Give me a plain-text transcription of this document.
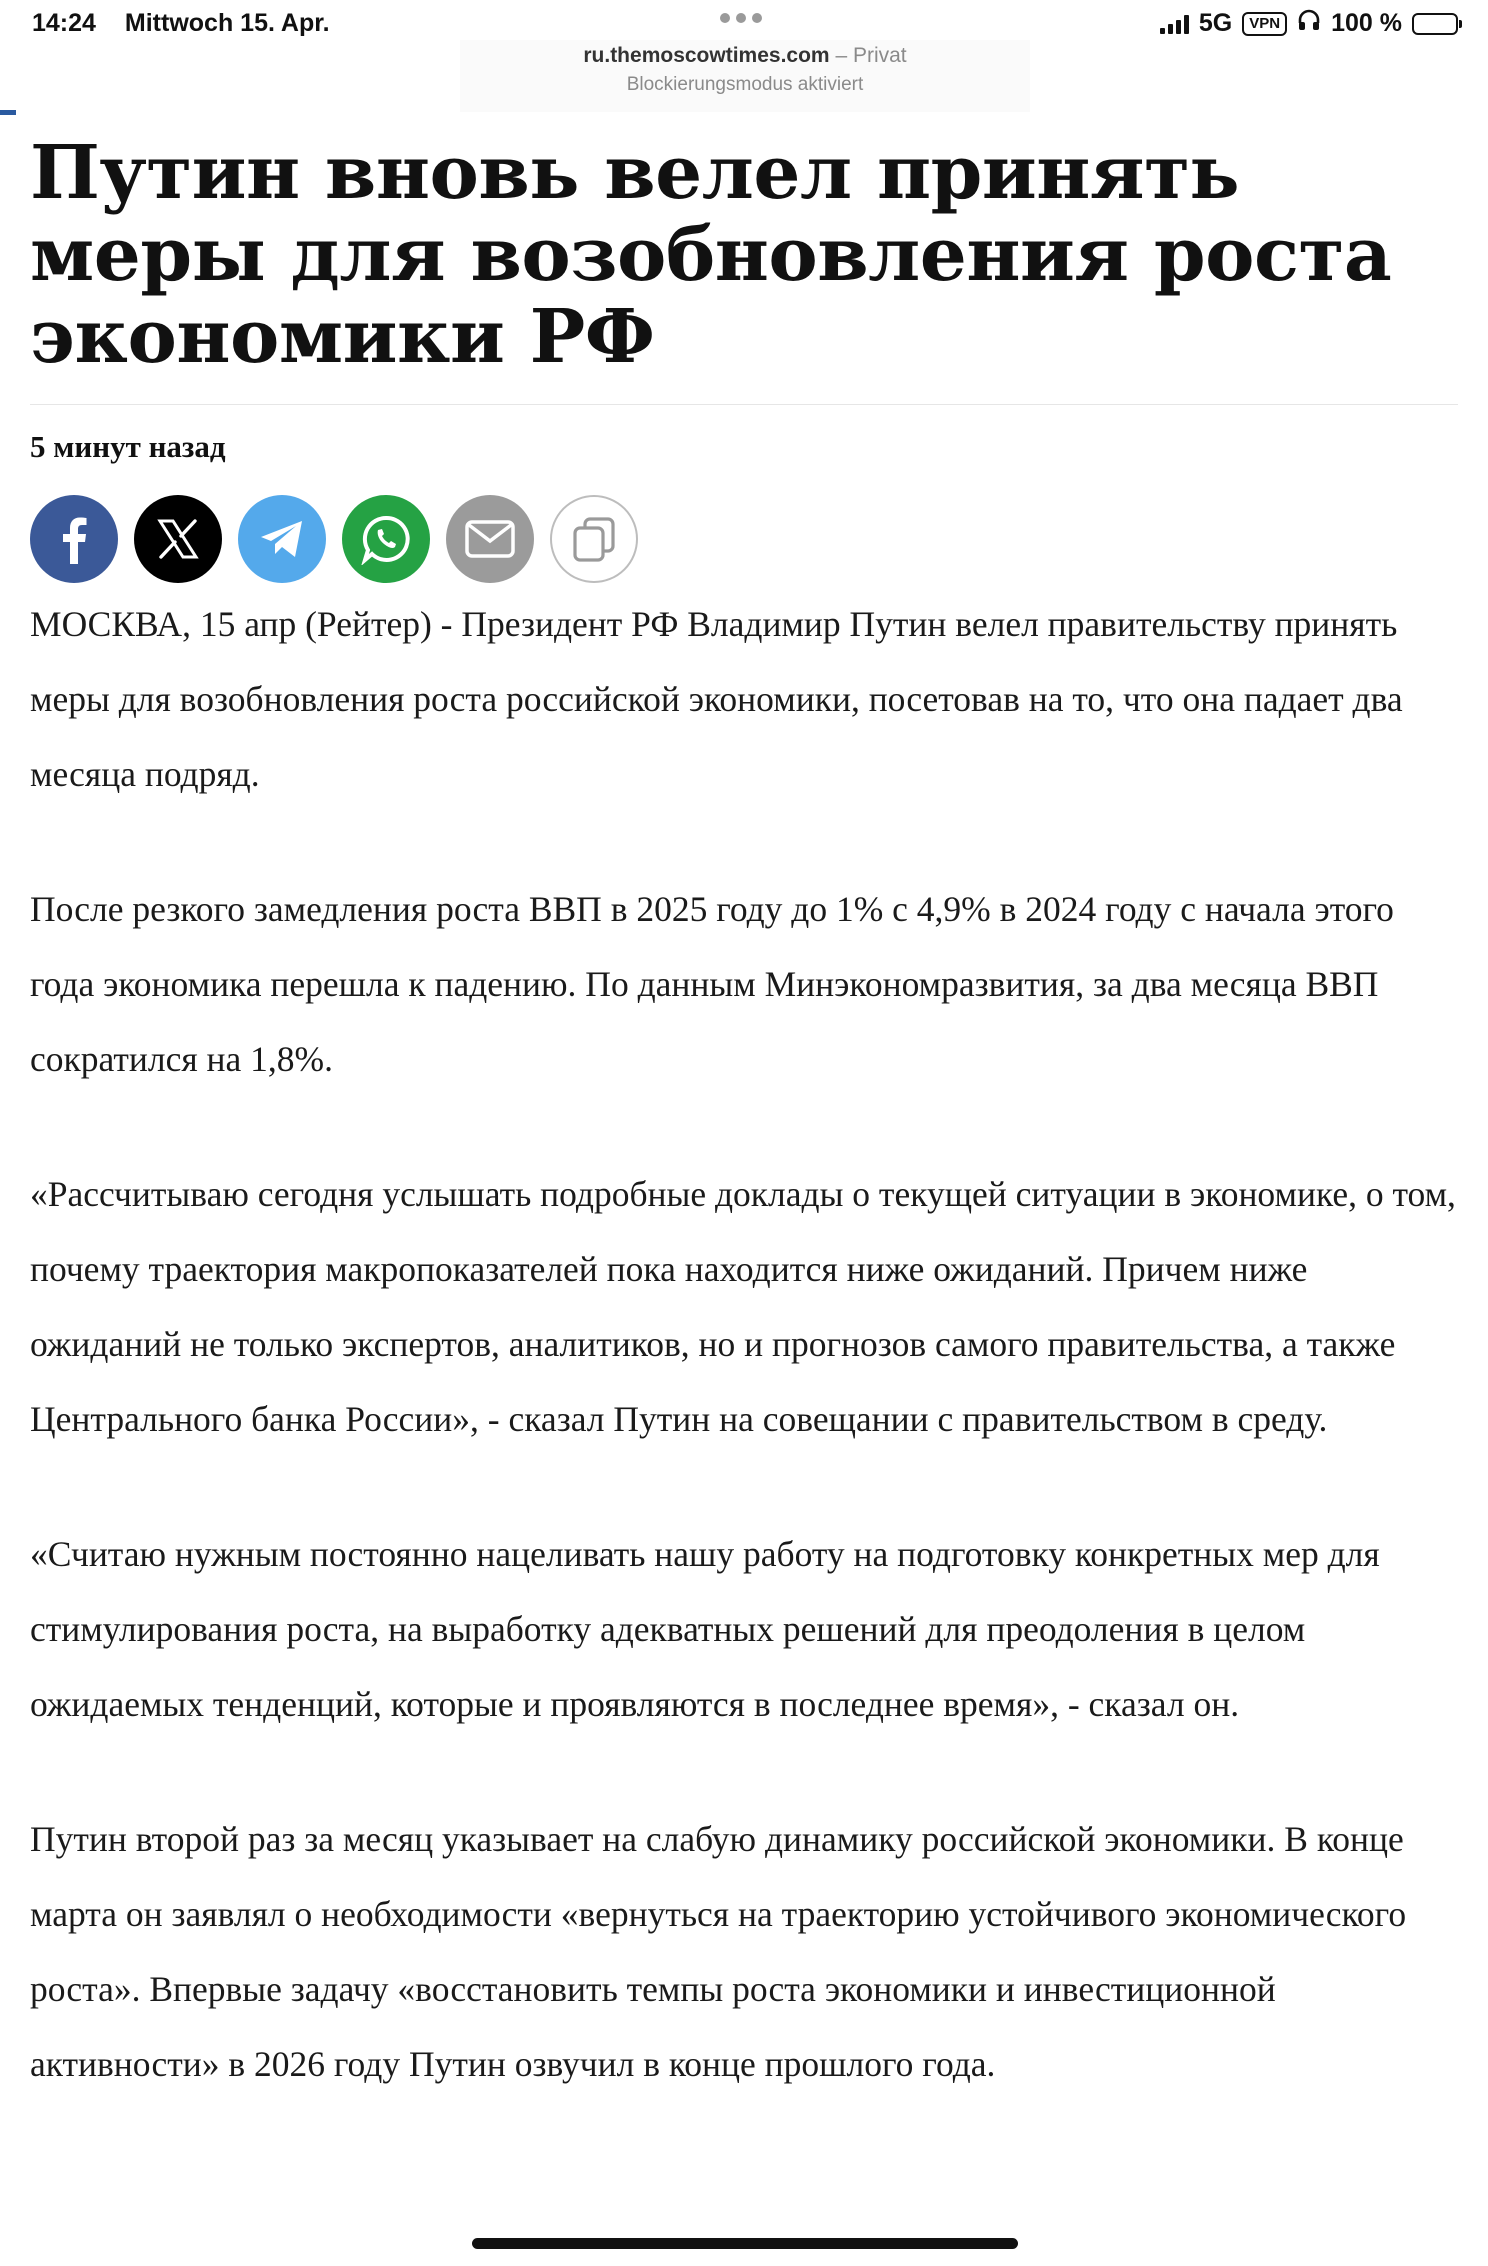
14:24 Mittwoch 15. Apr.	5G	VPN 100 %
ru.themoscowtimes.com – Privat
Blockierungsmodus aktiviert
Путин вновь велел принять меры для возобновления роста экономики РФ
5 минут назад

МОСКВА, 15 апр (Рейтер) - Президент РФ Владимир Путин велел правительству принять меры для возобновления роста российской экономики, посетовав на то, что она падает два месяца подряд.

После резкого замедления роста ВВП в 2025 году до 1% с 4,9% в 2024 году с начала этого года экономика перешла к падению. По данным Минэкономразвития, за два месяца ВВП сократился на 1,8%.

«Рассчитываю сегодня услышать подробные доклады о текущей ситуации в экономике, о том, почему траектория макропоказателей пока находится ниже ожиданий. Причем ниже ожиданий не только экспертов, аналитиков, но и прогнозов самого правительства, а также Центрального банка России», - сказал Путин на совещании с правительством в среду.

«Считаю нужным постоянно нацеливать нашу работу на подготовку конкретных мер для стимулирования роста, на выработку адекватных решений для преодоления в целом ожидаемых тенденций, которые и проявляются в последнее время», - сказал он.

Путин второй раз за месяц указывает на слабую динамику российской экономики. В конце марта он заявлял о необходимости «вернуться на траекторию устойчивого экономического роста». Впервые задачу «восстановить темпы роста экономики и инвестиционной активности» в 2026 году Путин озвучил в конце прошлого года.
